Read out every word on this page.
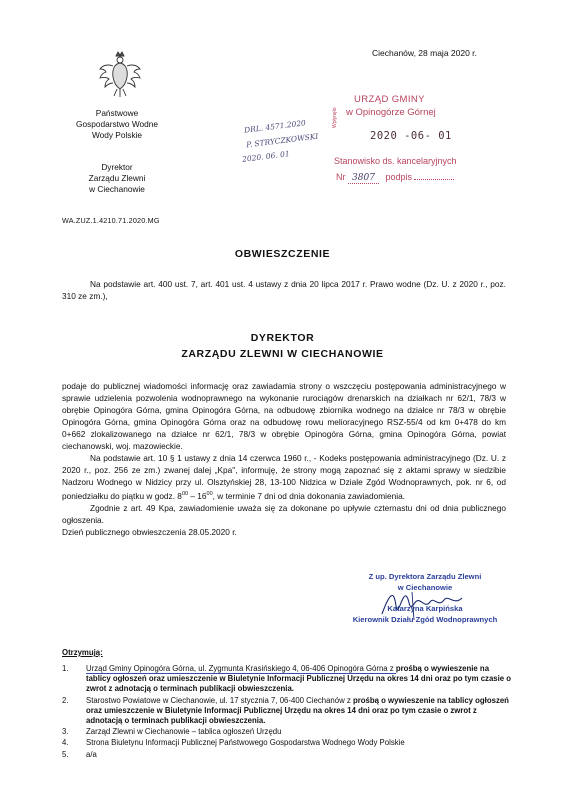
Ciechanów, 28 maja 2020 r.
Państwowe
Gospodarstwo Wodne
Wody Polskie
Dyrektor
Zarządu Zlewni
w Ciechanowie
WA.ZUZ.1.4210.71.2020.MG
DRL. 4571.2020
P. STRYCZKOWSKI
2020. 06. 01
URZĄD GMINY
w Opinogórze Górnej
Wpłynęło
2020 -06- 01
Stanowisko ds. kancelaryjnych
Nr 3807 podpis
OBWIESZCZENIE
Na podstawie art. 400 ust. 7, art. 401 ust. 4 ustawy z dnia 20 lipca 2017 r. Prawo wodne (Dz. U. z 2020 r., poz. 310 ze zm.),
DYREKTOR
ZARZĄDU ZLEWNI W CIECHANOWIE

podaje do publicznej wiadomości informację oraz zawiadamia strony o wszczęciu postępowania administracyjnego w sprawie udzielenia pozwolenia wodnoprawnego na wykonanie rurociągów drenarskich na działkach nr 62/1, 78/3 w obrębie Opinogóra Górna, gmina Opinogóra Górna, na odbudowę zbiornika wodnego na działce nr 78/3 w obrębie Opinogóra Górna, gmina Opinogóra Górna oraz na odbudowę rowu melioracyjnego RSZ-55/4 od km 0+478 do km 0+662 zlokalizowanego na działce nr 62/1, 78/3 w obrębie Opinogóra Górna, gmina Opinogóra Górna, powiat ciechanowski, woj. mazowieckie.

Na podstawie art. 10 § 1 ustawy z dnia 14 czerwca 1960 r., - Kodeks postępowania administracyjnego (Dz. U. z 2020 r., poz. 256 ze zm.) zwanej dalej „Kpa", informuję, że strony mogą zapoznać się z aktami sprawy w siedzibie Nadzoru Wodnego w Nidzicy przy ul. Olsztyńskiej 28, 13-100 Nidzica w Dziale Zgód Wodnoprawnych, pok. nr 6, od poniedziałku do piątku w godz. $8^{00} - 16^{00}$, w terminie 7 dni od dnia dokonania zawiadomienia.

Zgodnie z art. 49 Kpa, zawiadomienie uważa się za dokonane po upływie czternastu dni od dnia publicznego ogłoszenia.

Dzień publicznego obwieszczenia 28.05.2020 r.

Z up. Dyrektora Zarządu Zlewni
w Ciechanowie
Katarzyna Karpińska
Kierownik Działu Zgód Wodnoprawnych
Otrzymują:
1. Urząd Gminy Opinogóra Górna, ul. Zygmunta Krasińskiego 4, 06-406 Opinogóra Górna z prośbą o wywieszenie na tablicy ogłoszeń oraz umieszczenie w Biuletynie Informacji Publicznej Urzędu na okres 14 dni oraz po tym czasie o zwrot z adnotacją o terminach publikacji obwieszczenia.
2. Starostwo Powiatowe w Ciechanowie, ul. 17 stycznia 7, 06-400 Ciechanów z prośbą o wywieszenie na tablicy ogłoszeń oraz umieszczenie w Biuletynie Informacji Publicznej Urzędu na okres 14 dni oraz po tym czasie o zwrot z adnotacją o terminach publikacji obwieszczenia.
3. Zarząd Zlewni w Ciechanowie – tablica ogłoszeń Urzędu
4. Strona Biuletynu Informacji Publicznej Państwowego Gospodarstwa Wodnego Wody Polskie
5. a/a
